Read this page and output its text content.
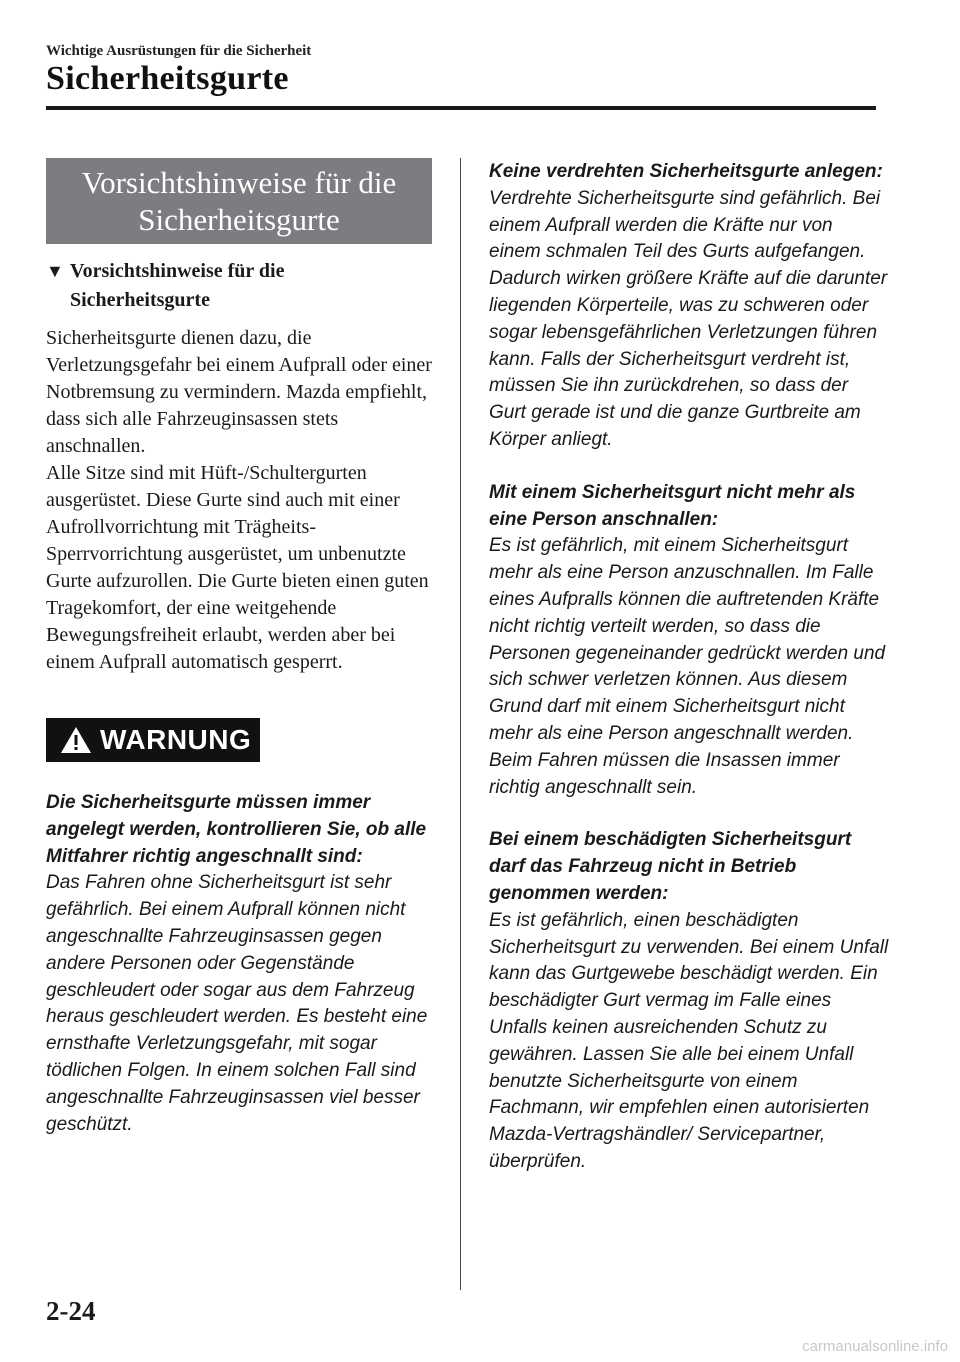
Wichtige Ausrüstungen für die Sicherheit
Sicherheitsgurte
Vorsichtshinweise für die
Sicherheitsgurte
▼ Vorsichtshinweise für die
Sicherheitsgurte

Sicherheitsgurte dienen dazu, die Verletzungsgefahr bei einem Aufprall oder einer Notbremsung zu vermindern. Mazda empfiehlt, dass sich alle Fahrzeuginsassen stets anschnallen.

Alle Sitze sind mit Hüft-/Schultergurten ausgerüstet. Diese Gurte sind auch mit einer Aufrollvorrichtung mit Trägheits-Sperrvorrichtung ausgerüstet, um unbenutzte Gurte aufzurollen. Die Gurte bieten einen guten Tragekomfort, der eine weitgehende Bewegungsfreiheit erlaubt, werden aber bei einem Aufprall automatisch gesperrt.

WARNUNG
Die Sicherheitsgurte müssen immer angelegt werden, kontrollieren Sie, ob alle Mitfahrer richtig angeschnallt sind:
Das Fahren ohne Sicherheitsgurt ist sehr gefährlich. Bei einem Aufprall können nicht angeschnallte Fahrzeuginsassen gegen andere Personen oder Gegenstände geschleudert oder sogar aus dem Fahrzeug heraus geschleudert werden. Es besteht eine ernsthafte Verletzungsgefahr, mit sogar tödlichen Folgen. In einem solchen Fall sind angeschnallte Fahrzeuginsassen viel besser geschützt.
Keine verdrehten Sicherheitsgurte anlegen:
Verdrehte Sicherheitsgurte sind gefährlich. Bei einem Aufprall werden die Kräfte nur von einem schmalen Teil des Gurts aufgefangen. Dadurch wirken größere Kräfte auf die darunter liegenden Körperteile, was zu schweren oder sogar lebensgefährlichen Verletzungen führen kann. Falls der Sicherheitsgurt verdreht ist, müssen Sie ihn zurückdrehen, so dass der Gurt gerade ist und die ganze Gurtbreite am Körper anliegt.
Mit einem Sicherheitsgurt nicht mehr als eine Person anschnallen:
Es ist gefährlich, mit einem Sicherheitsgurt mehr als eine Person anzuschnallen. Im Falle eines Aufpralls können die auftretenden Kräfte nicht richtig verteilt werden, so dass die Personen gegeneinander gedrückt werden und sich schwer verletzen können. Aus diesem Grund darf mit einem Sicherheitsgurt nicht mehr als eine Person angeschnallt werden. Beim Fahren müssen die Insassen immer richtig angeschnallt sein.
Bei einem beschädigten Sicherheitsgurt darf das Fahrzeug nicht in Betrieb genommen werden:
Es ist gefährlich, einen beschädigten Sicherheitsgurt zu verwenden. Bei einem Unfall kann das Gurtgewebe beschädigt werden. Ein beschädigter Gurt vermag im Falle eines Unfalls keinen ausreichenden Schutz zu gewähren. Lassen Sie alle bei einem Unfall benutzte Sicherheitsgurte von einem Fachmann, wir empfehlen einen autorisierten Mazda-Vertragshändler/ Servicepartner, überprüfen.
2-24
carmanualsonline.info
